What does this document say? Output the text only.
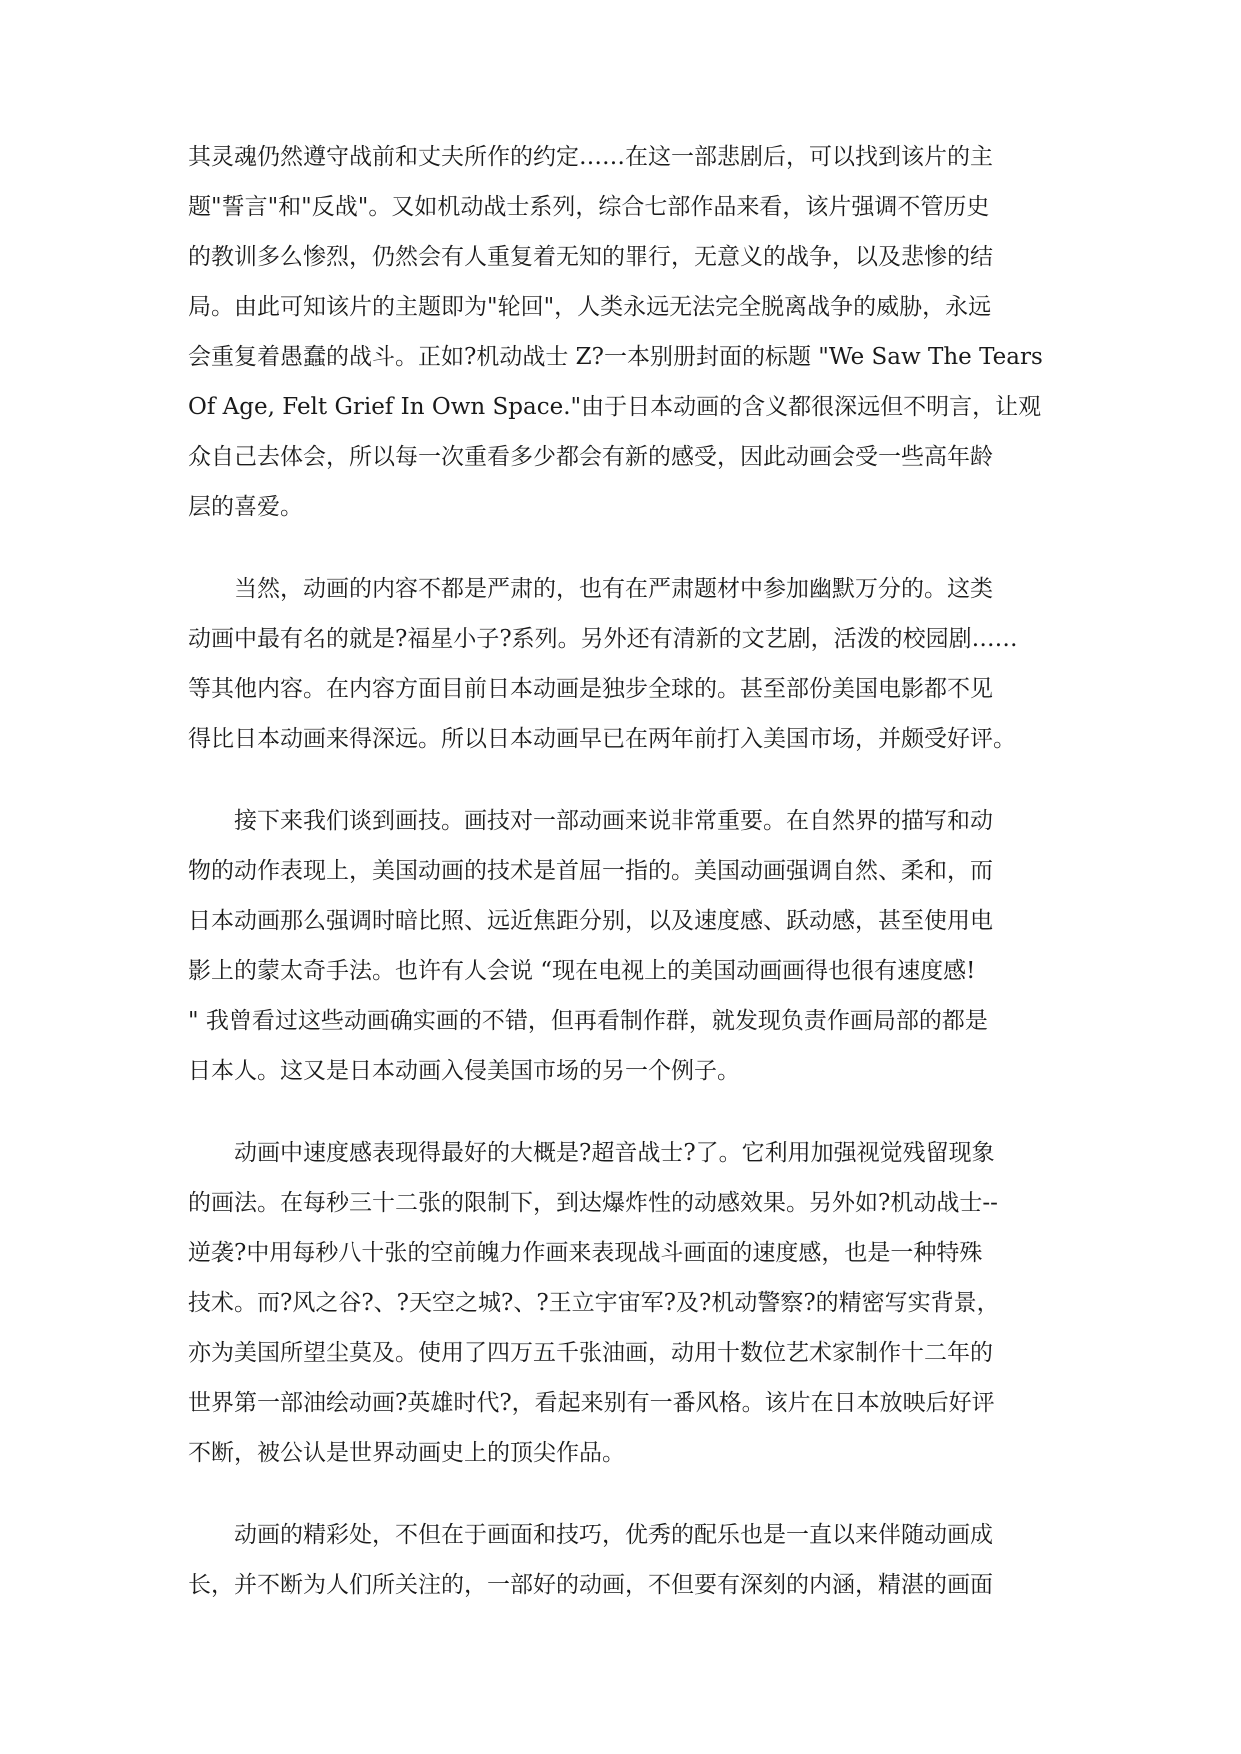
其灵魂仍然遵守战前和丈夫所作的约定……在这一部悲剧后，可以找到该片的主
题"誓言"和"反战"。又如机动战士系列，综合七部作品来看，该片强调不管历史
的教训多么惨烈，仍然会有人重复着无知的罪行，无意义的战争，以及悲惨的结
局。由此可知该片的主题即为"轮回"，人类永远无法完全脱离战争的威胁，永远
会重复着愚蠢的战斗。正如?机动战士 Z?一本别册封面的标题 "We Saw The Tears
Of Age, Felt Grief In Own Space."由于日本动画的含义都很深远但不明言，让观
众自己去体会，所以每一次重看多少都会有新的感受，因此动画会受一些高年龄
层的喜爱。
当然，动画的内容不都是严肃的，也有在严肃题材中参加幽默万分的。这类
动画中最有名的就是?福星小子?系列。另外还有清新的文艺剧，活泼的校园剧……
等其他内容。在内容方面目前日本动画是独步全球的。甚至部份美国电影都不见
得比日本动画来得深远。所以日本动画早已在两年前打入美国市场，并颇受好评。
接下来我们谈到画技。画技对一部动画来说非常重要。在自然界的描写和动
物的动作表现上，美国动画的技术是首屈一指的。美国动画强调自然、柔和，而
日本动画那么强调时暗比照、远近焦距分别，以及速度感、跃动感，甚至使用电
影上的蒙太奇手法。也许有人会说 “现在电视上的美国动画画得也很有速度感!
" 我曾看过这些动画确实画的不错，但再看制作群，就发现负责作画局部的都是
日本人。这又是日本动画入侵美国市场的另一个例子。
动画中速度感表现得最好的大概是?超音战士?了。它利用加强视觉残留现象
的画法。在每秒三十二张的限制下，到达爆炸性的动感效果。另外如?机动战士--
逆袭?中用每秒八十张的空前魄力作画来表现战斗画面的速度感，也是一种特殊
技术。而?风之谷?、?天空之城?、?王立宇宙军?及?机动警察?的精密写实背景，
亦为美国所望尘莫及。使用了四万五千张油画，动用十数位艺术家制作十二年的
世界第一部油绘动画?英雄时代?，看起来别有一番风格。该片在日本放映后好评
不断，被公认是世界动画史上的顶尖作品。
动画的精彩处，不但在于画面和技巧，优秀的配乐也是一直以来伴随动画成
长，并不断为人们所关注的，一部好的动画，不但要有深刻的内涵，精湛的画面
